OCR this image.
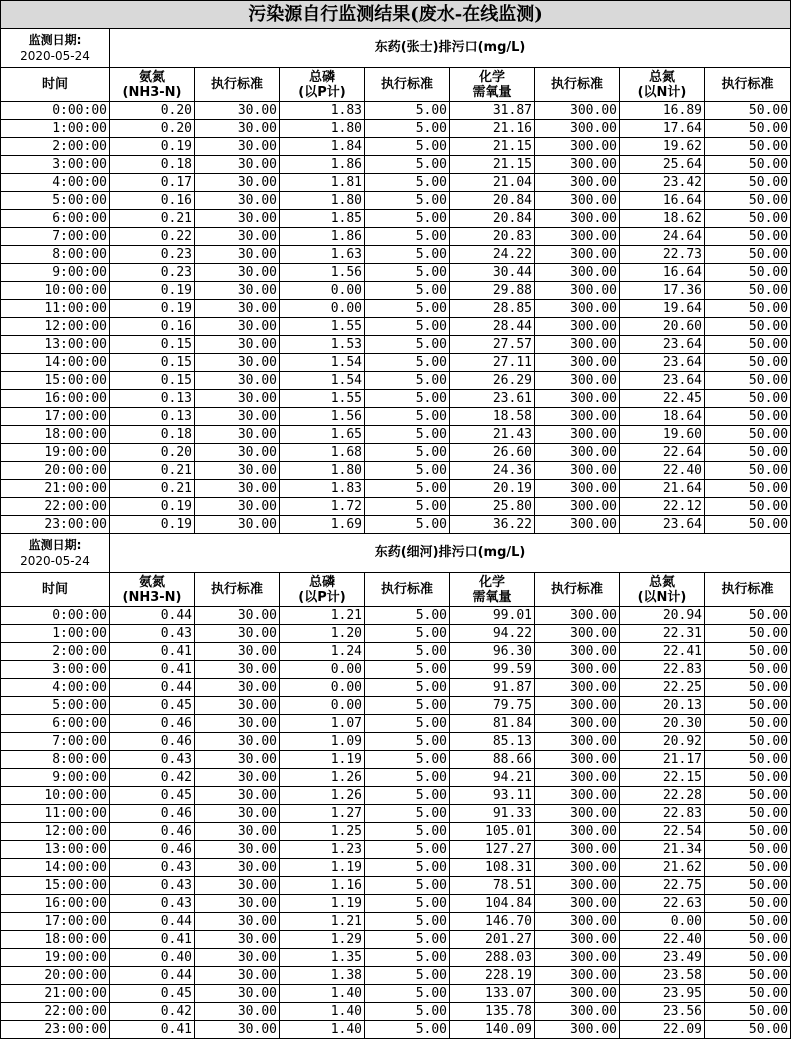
污染源自行监测结果(废水-在线监测)								

监测日期:
2020-05-24	东药(张士)排污口(mg/L)							

时间	氨氮
(NH3-N)	执行标准	总磷
(以P计)	执行标准	化学
需氧量	执行标准	总氮
(以N计)	执行标准

0:00:00	0.20	30.00	1.83	5.00	31.87	300.00	16.89	50.00
1:00:00	0.20	30.00	1.80	5.00	21.16	300.00	17.64	50.00
2:00:00	0.19	30.00	1.84	5.00	21.15	300.00	19.62	50.00
3:00:00	0.18	30.00	1.86	5.00	21.15	300.00	25.64	50.00
4:00:00	0.17	30.00	1.81	5.00	21.04	300.00	23.42	50.00
5:00:00	0.16	30.00	1.80	5.00	20.84	300.00	16.64	50.00
6:00:00	0.21	30.00	1.85	5.00	20.84	300.00	18.62	50.00
7:00:00	0.22	30.00	1.86	5.00	20.83	300.00	24.64	50.00
8:00:00	0.23	30.00	1.63	5.00	24.22	300.00	22.73	50.00
9:00:00	0.23	30.00	1.56	5.00	30.44	300.00	16.64	50.00
10:00:00	0.19	30.00	0.00	5.00	29.88	300.00	17.36	50.00
11:00:00	0.19	30.00	0.00	5.00	28.85	300.00	19.64	50.00
12:00:00	0.16	30.00	1.55	5.00	28.44	300.00	20.60	50.00
13:00:00	0.15	30.00	1.53	5.00	27.57	300.00	23.64	50.00
14:00:00	0.15	30.00	1.54	5.00	27.11	300.00	23.64	50.00
15:00:00	0.15	30.00	1.54	5.00	26.29	300.00	23.64	50.00
16:00:00	0.13	30.00	1.55	5.00	23.61	300.00	22.45	50.00
17:00:00	0.13	30.00	1.56	5.00	18.58	300.00	18.64	50.00
18:00:00	0.18	30.00	1.65	5.00	21.43	300.00	19.60	50.00
19:00:00	0.20	30.00	1.68	5.00	26.60	300.00	22.64	50.00
20:00:00	0.21	30.00	1.80	5.00	24.36	300.00	22.40	50.00
21:00:00	0.21	30.00	1.83	5.00	20.19	300.00	21.64	50.00
22:00:00	0.19	30.00	1.72	5.00	25.80	300.00	22.12	50.00
23:00:00	0.19	30.00	1.69	5.00	36.22	300.00	23.64	50.00

监测日期:
2020-05-24	东药(细河)排污口(mg/L)							

时间	氨氮
(NH3-N)	执行标准	总磷
(以P计)	执行标准	化学
需氧量	执行标准	总氮
(以N计)	执行标准

0:00:00	0.44	30.00	1.21	5.00	99.01	300.00	20.94	50.00
1:00:00	0.43	30.00	1.20	5.00	94.22	300.00	22.31	50.00
2:00:00	0.41	30.00	1.24	5.00	96.30	300.00	22.41	50.00
3:00:00	0.41	30.00	0.00	5.00	99.59	300.00	22.83	50.00
4:00:00	0.44	30.00	0.00	5.00	91.87	300.00	22.25	50.00
5:00:00	0.45	30.00	0.00	5.00	79.75	300.00	20.13	50.00
6:00:00	0.46	30.00	1.07	5.00	81.84	300.00	20.30	50.00
7:00:00	0.46	30.00	1.09	5.00	85.13	300.00	20.92	50.00
8:00:00	0.43	30.00	1.19	5.00	88.66	300.00	21.17	50.00
9:00:00	0.42	30.00	1.26	5.00	94.21	300.00	22.15	50.00
10:00:00	0.45	30.00	1.26	5.00	93.11	300.00	22.28	50.00
11:00:00	0.46	30.00	1.27	5.00	91.33	300.00	22.83	50.00
12:00:00	0.46	30.00	1.25	5.00	105.01	300.00	22.54	50.00
13:00:00	0.46	30.00	1.23	5.00	127.27	300.00	21.34	50.00
14:00:00	0.43	30.00	1.19	5.00	108.31	300.00	21.62	50.00
15:00:00	0.43	30.00	1.16	5.00	78.51	300.00	22.75	50.00
16:00:00	0.43	30.00	1.19	5.00	104.84	300.00	22.63	50.00
17:00:00	0.44	30.00	1.21	5.00	146.70	300.00	0.00	50.00
18:00:00	0.41	30.00	1.29	5.00	201.27	300.00	22.40	50.00
19:00:00	0.40	30.00	1.35	5.00	288.03	300.00	23.49	50.00
20:00:00	0.44	30.00	1.38	5.00	228.19	300.00	23.58	50.00
21:00:00	0.45	30.00	1.40	5.00	133.07	300.00	23.95	50.00
22:00:00	0.42	30.00	1.40	5.00	135.78	300.00	23.56	50.00
23:00:00	0.41	30.00	1.40	5.00	140.09	300.00	22.09	50.00
